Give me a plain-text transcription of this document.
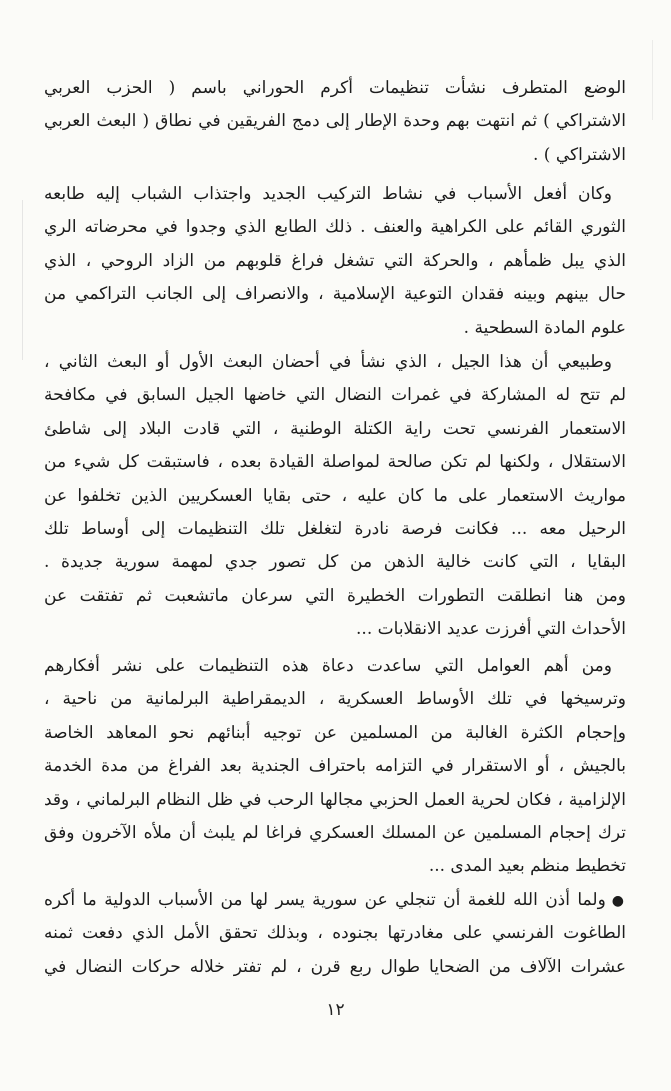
الوضع المتطرف نشأت تنظيمات أكرم الحوراني باسم ( الحزب العربي
الاشتراكي ) ثم انتهت بهم وحدة الإطار إلى دمج الفريقين في نطاق ( البعث العربي
الاشتراكي ) .
وكان أفعل الأسباب في نشاط التركيب الجديد واجتذاب الشباب إليه طابعه
الثوري القائم على الكراهية والعنف . ذلك الطابع الذي وجدوا في محرضاته الري
الذي يبل ظمأهم ، والحركة التي تشغل فراغ قلوبهم من الزاد الروحي ، الذي
حال بينهم وبينه فقدان التوعية الإسلامية ، والانصراف إلى الجانب التراكمي من
علوم المادة السطحية .
وطبيعي أن هذا الجيل ، الذي نشأ في أحضان البعث الأول أو البعث الثاني ،
لم تتح له المشاركة في غمرات النضال التي خاضها الجيل السابق في مكافحة
الاستعمار الفرنسي تحت راية الكتلة الوطنية ، التي قادت البلاد إلى شاطئ
الاستقلال ، ولكنها لم تكن صالحة لمواصلة القيادة بعده ، فاستبقت كل شيء من
مواريث الاستعمار على ما كان عليه ، حتى بقايا العسكريين الذين تخلفوا عن
الرحيل معه ... فكانت فرصة نادرة لتغلغل تلك التنظيمات إلى أوساط تلك
البقايا ، التي كانت خالية الذهن من كل تصور جدي لمهمة سورية جديدة .
ومن هنا انطلقت التطورات الخطيرة التي سرعان ماتشعبت ثم تفتقت عن
الأحداث التي أفرزت عديد الانقلابات ...
ومن أهم العوامل التي ساعدت دعاة هذه التنظيمات على نشر أفكارهم
وترسيخها في تلك الأوساط العسكرية ، الديمقراطية البرلمانية من ناحية ،
وإحجام الكثرة الغالبة من المسلمين عن توجيه أبنائهم نحو المعاهد الخاصة
بالجيش ، أو الاستقرار في التزامه باحتراف الجندية بعد الفراغ من مدة الخدمة
الإلزامية ، فكان لحرية العمل الحزبي مجالها الرحب في ظل النظام البرلماني ، وقد
ترك إحجام المسلمين عن المسلك العسكري فراغا لم يلبث أن ملأه الآخرون وفق
تخطيط منظم بعيد المدى ...
●ولما أذن الله للغمة أن تنجلي عن سورية يسر لها من الأسباب الدولية ما أكره
الطاغوت الفرنسي على مغادرتها بجنوده ، وبذلك تحقق الأمل الذي دفعت ثمنه
عشرات الآلاف من الضحايا طوال ربع قرن ، لم تفتر خلاله حركات النضال في
١٢
